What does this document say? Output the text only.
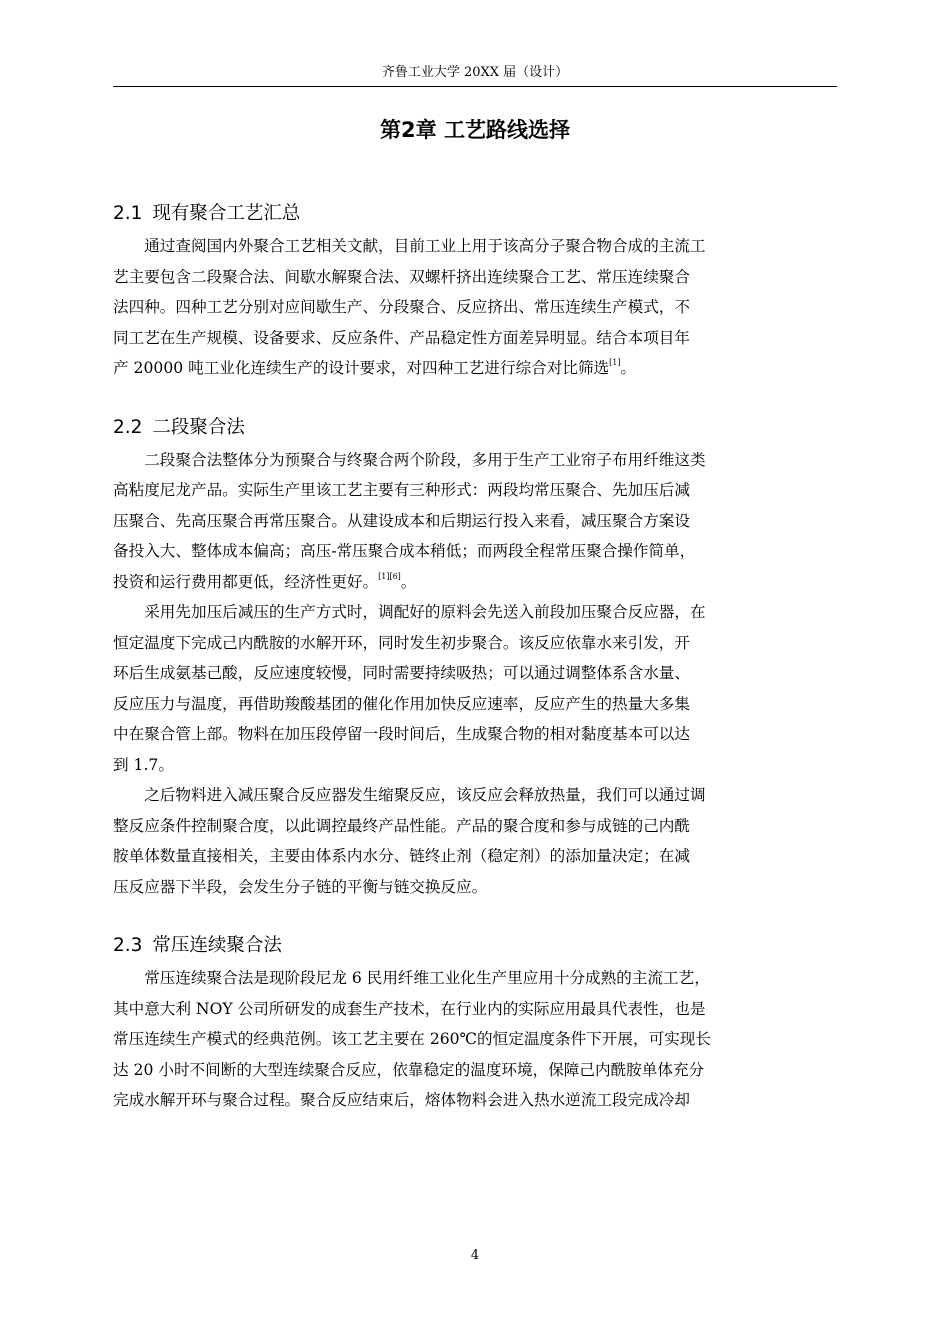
齐鲁工业大学 20XX 届（设计）
第2章 工艺路线选择
2.1 现有聚合工艺汇总

通过查阅国内外聚合工艺相关文献，目前工业上用于该高分子聚合物合成的主流工
艺主要包含二段聚合法、间歇水解聚合法、双螺杆挤出连续聚合工艺、常压连续聚合
法四种。四种工艺分别对应间歇生产、分段聚合、反应挤出、常压连续生产模式，不
同工艺在生产规模、设备要求、反应条件、产品稳定性方面差异明显。结合本项目年
产 20000 吨工业化连续生产的设计要求，对四种工艺进行综合对比筛选[1]。

2.2 二段聚合法

二段聚合法整体分为预聚合与终聚合两个阶段，多用于生产工业帘子布用纤维这类
高粘度尼龙产品。实际生产里该工艺主要有三种形式：两段均常压聚合、先加压后减
压聚合、先高压聚合再常压聚合。从建设成本和后期运行投入来看，减压聚合方案设
备投入大、整体成本偏高；高压-常压聚合成本稍低；而两段全程常压聚合操作简单，
投资和运行费用都更低，经济性更好。[1][6]。

采用先加压后减压的生产方式时，调配好的原料会先送入前段加压聚合反应器，在
恒定温度下完成己内酰胺的水解开环，同时发生初步聚合。该反应依靠水来引发，开
环后生成氨基己酸，反应速度较慢，同时需要持续吸热；可以通过调整体系含水量、
反应压力与温度，再借助羧酸基团的催化作用加快反应速率，反应产生的热量大多集
中在聚合管上部。物料在加压段停留一段时间后，生成聚合物的相对黏度基本可以达
到 1.7。

之后物料进入减压聚合反应器发生缩聚反应，该反应会释放热量，我们可以通过调
整反应条件控制聚合度，以此调控最终产品性能。产品的聚合度和参与成链的己内酰
胺单体数量直接相关，主要由体系内水分、链终止剂（稳定剂）的添加量决定；在减
压反应器下半段，会发生分子链的平衡与链交换反应。

2.3 常压连续聚合法

常压连续聚合法是现阶段尼龙 6 民用纤维工业化生产里应用十分成熟的主流工艺，
其中意大利 NOY 公司所研发的成套生产技术，在行业内的实际应用最具代表性，也是
常压连续生产模式的经典范例。该工艺主要在 260℃的恒定温度条件下开展，可实现长
达 20 小时不间断的大型连续聚合反应，依靠稳定的温度环境，保障己内酰胺单体充分
完成水解开环与聚合过程。聚合反应结束后，熔体物料会进入热水逆流工段完成冷却

4
